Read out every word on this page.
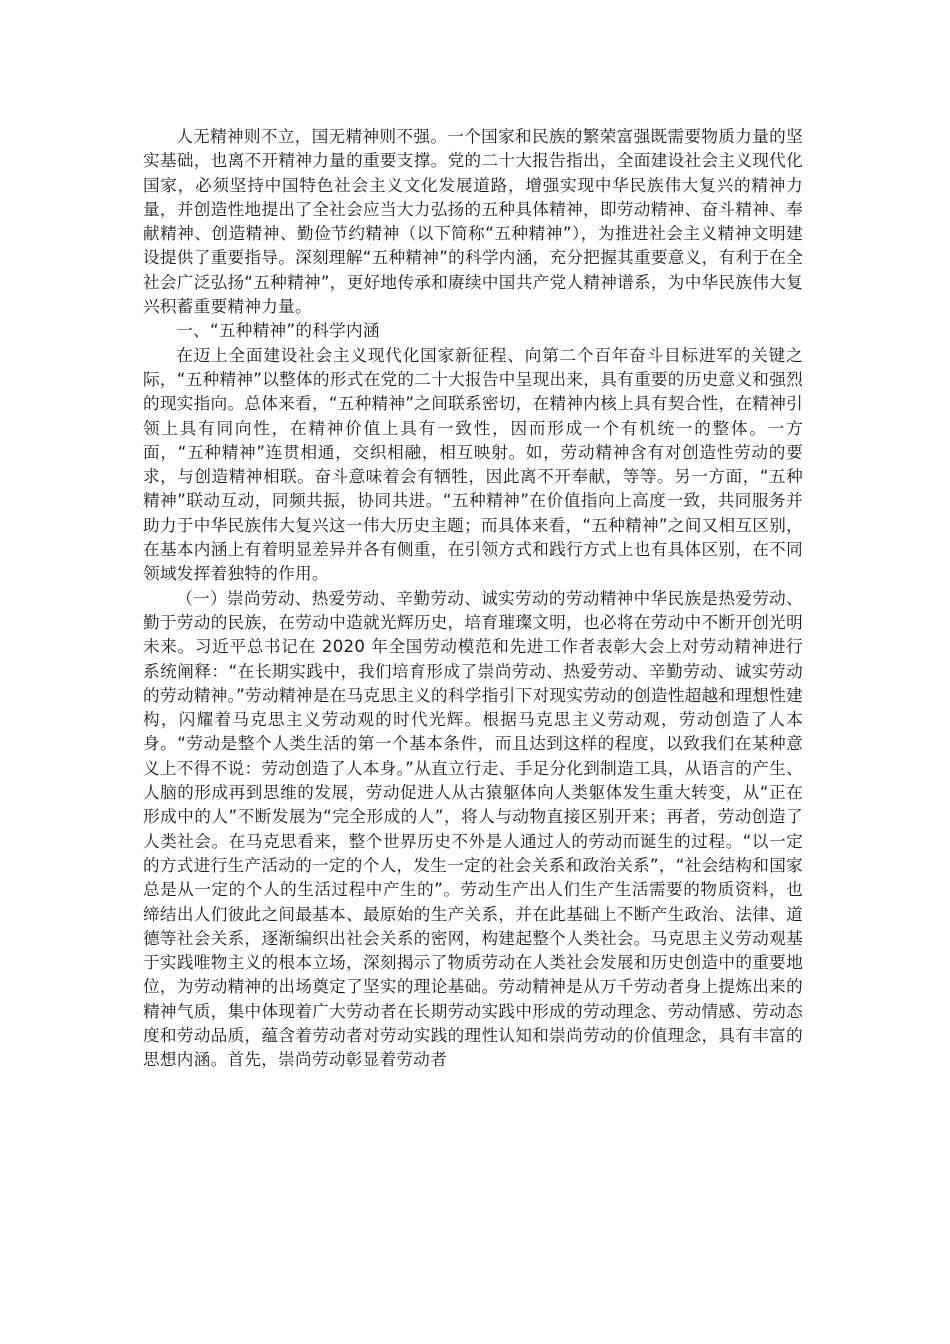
人无精神则不立，国无精神则不强。一个国家和民族的繁荣富强既需要物质力量的坚实基础，也离不开精神力量的重要支撑。党的二十大报告指出，全面建设社会主义现代化国家，必须坚持中国特色社会主义文化发展道路，增强实现中华民族伟大复兴的精神力量，并创造性地提出了全社会应当大力弘扬的五种具体精神，即劳动精神、奋斗精神、奉献精神、创造精神、勤俭节约精神（以下简称“五种精神”），为推进社会主义精神文明建设提供了重要指导。深刻理解“五种精神”的科学内涵，充分把握其重要意义，有利于在全社会广泛弘扬“五种精神”，更好地传承和赓续中国共产党人精神谱系，为中华民族伟大复兴积蓄重要精神力量。

一、“五种精神”的科学内涵

在迈上全面建设社会主义现代化国家新征程、向第二个百年奋斗目标进军的关键之际，“五种精神”以整体的形式在党的二十大报告中呈现出来，具有重要的历史意义和强烈的现实指向。总体来看，“五种精神”之间联系密切，在精神内核上具有契合性，在精神引领上具有同向性，在精神价值上具有一致性，因而形成一个有机统一的整体。一方面，“五种精神”连贯相通，交织相融，相互映射。如，劳动精神含有对创造性劳动的要求，与创造精神相联。奋斗意味着会有牺牲，因此离不开奉献，等等。另一方面，“五种精神”联动互动，同频共振，协同共进。“五种精神”在价值指向上高度一致，共同服务并助力于中华民族伟大复兴这一伟大历史主题；而具体来看，“五种精神”之间又相互区别，在基本内涵上有着明显差异并各有侧重，在引领方式和践行方式上也有具体区别，在不同领域发挥着独特的作用。

（一）崇尚劳动、热爱劳动、辛勤劳动、诚实劳动的劳动精神中华民族是热爱劳动、勤于劳动的民族，在劳动中造就光辉历史，培育璀璨文明，也必将在劳动中不断开创光明未来。习近平总书记在 2020 年全国劳动模范和先进工作者表彰大会上对劳动精神进行系统阐释：“在长期实践中，我们培育形成了崇尚劳动、热爱劳动、辛勤劳动、诚实劳动的劳动精神。”劳动精神是在马克思主义的科学指引下对现实劳动的创造性超越和理想性建构，闪耀着马克思主义劳动观的时代光辉。根据马克思主义劳动观，劳动创造了人本身。“劳动是整个人类生活的第一个基本条件，而且达到这样的程度，以致我们在某种意义上不得不说：劳动创造了人本身。”从直立行走、手足分化到制造工具，从语言的产生、人脑的形成再到思维的发展，劳动促进人从古猿躯体向人类躯体发生重大转变，从“正在形成中的人”不断发展为“完全形成的人”，将人与动物直接区别开来；再者，劳动创造了人类社会。在马克思看来，整个世界历史不外是人通过人的劳动而诞生的过程。“以一定的方式进行生产活动的一定的个人，发生一定的社会关系和政治关系”，“社会结构和国家总是从一定的个人的生活过程中产生的”。劳动生产出人们生产生活需要的物质资料，也缔结出人们彼此之间最基本、最原始的生产关系，并在此基础上不断产生政治、法律、道德等社会关系，逐渐编织出社会关系的密网，构建起整个人类社会。马克思主义劳动观基于实践唯物主义的根本立场，深刻揭示了物质劳动在人类社会发展和历史创造中的重要地位，为劳动精神的出场奠定了坚实的理论基础。劳动精神是从万千劳动者身上提炼出来的精神气质，集中体现着广大劳动者在长期劳动实践中形成的劳动理念、劳动情感、劳动态度和劳动品质，蕴含着劳动者对劳动实践的理性认知和崇尚劳动的价值理念，具有丰富的思想内涵。首先，崇尚劳动彰显着劳动者
